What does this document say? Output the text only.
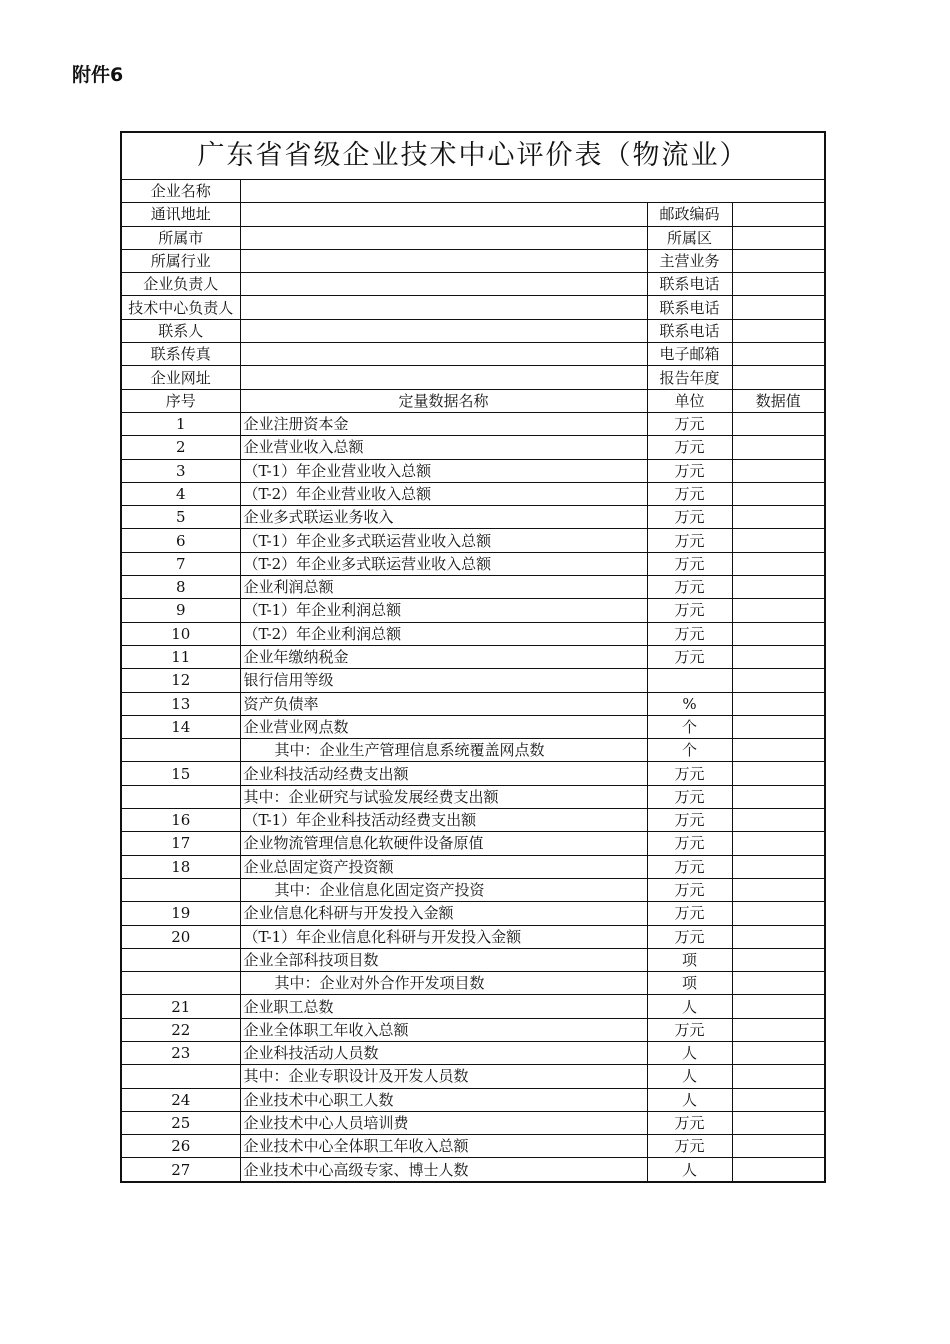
附件6
广东省省级企业技术中心评价表（物流业）			
企业名称			
通讯地址		邮政编码	
所属市		所属区	
所属行业		主营业务	
企业负责人		联系电话	
技术中心负责人		联系电话	
联系人		联系电话	
联系传真		电子邮箱	
企业网址		报告年度	
序号	定量数据名称	单位	数据值
1	企业注册资本金	万元	
2	企业营业收入总额	万元	
3	（T-1）年企业营业收入总额	万元	
4	（T-2）年企业营业收入总额	万元	
5	企业多式联运业务收入	万元	
6	（T-1）年企业多式联运营业收入总额	万元	
7	（T-2）年企业多式联运营业收入总额	万元	
8	企业利润总额	万元	
9	（T-1）年企业利润总额	万元	
10	（T-2）年企业利润总额	万元	
11	企业年缴纳税金	万元	
12	银行信用等级		
13	资产负债率	%	
14	企业营业网点数	个	
	其中：企业生产管理信息系统覆盖网点数	个	
15	企业科技活动经费支出额	万元	
	其中：企业研究与试验发展经费支出额	万元	
16	（T-1）年企业科技活动经费支出额	万元	
17	企业物流管理信息化软硬件设备原值	万元	
18	企业总固定资产投资额	万元	
	其中：企业信息化固定资产投资	万元	
19	企业信息化科研与开发投入金额	万元	
20	（T-1）年企业信息化科研与开发投入金额	万元	
	企业全部科技项目数	项	
	其中：企业对外合作开发项目数	项	
21	企业职工总数	人	
22	企业全体职工年收入总额	万元	
23	企业科技活动人员数	人	
	其中：企业专职设计及开发人员数	人	
24	企业技术中心职工人数	人	
25	企业技术中心人员培训费	万元	
26	企业技术中心全体职工年收入总额	万元	
27	企业技术中心高级专家、博士人数	人	
